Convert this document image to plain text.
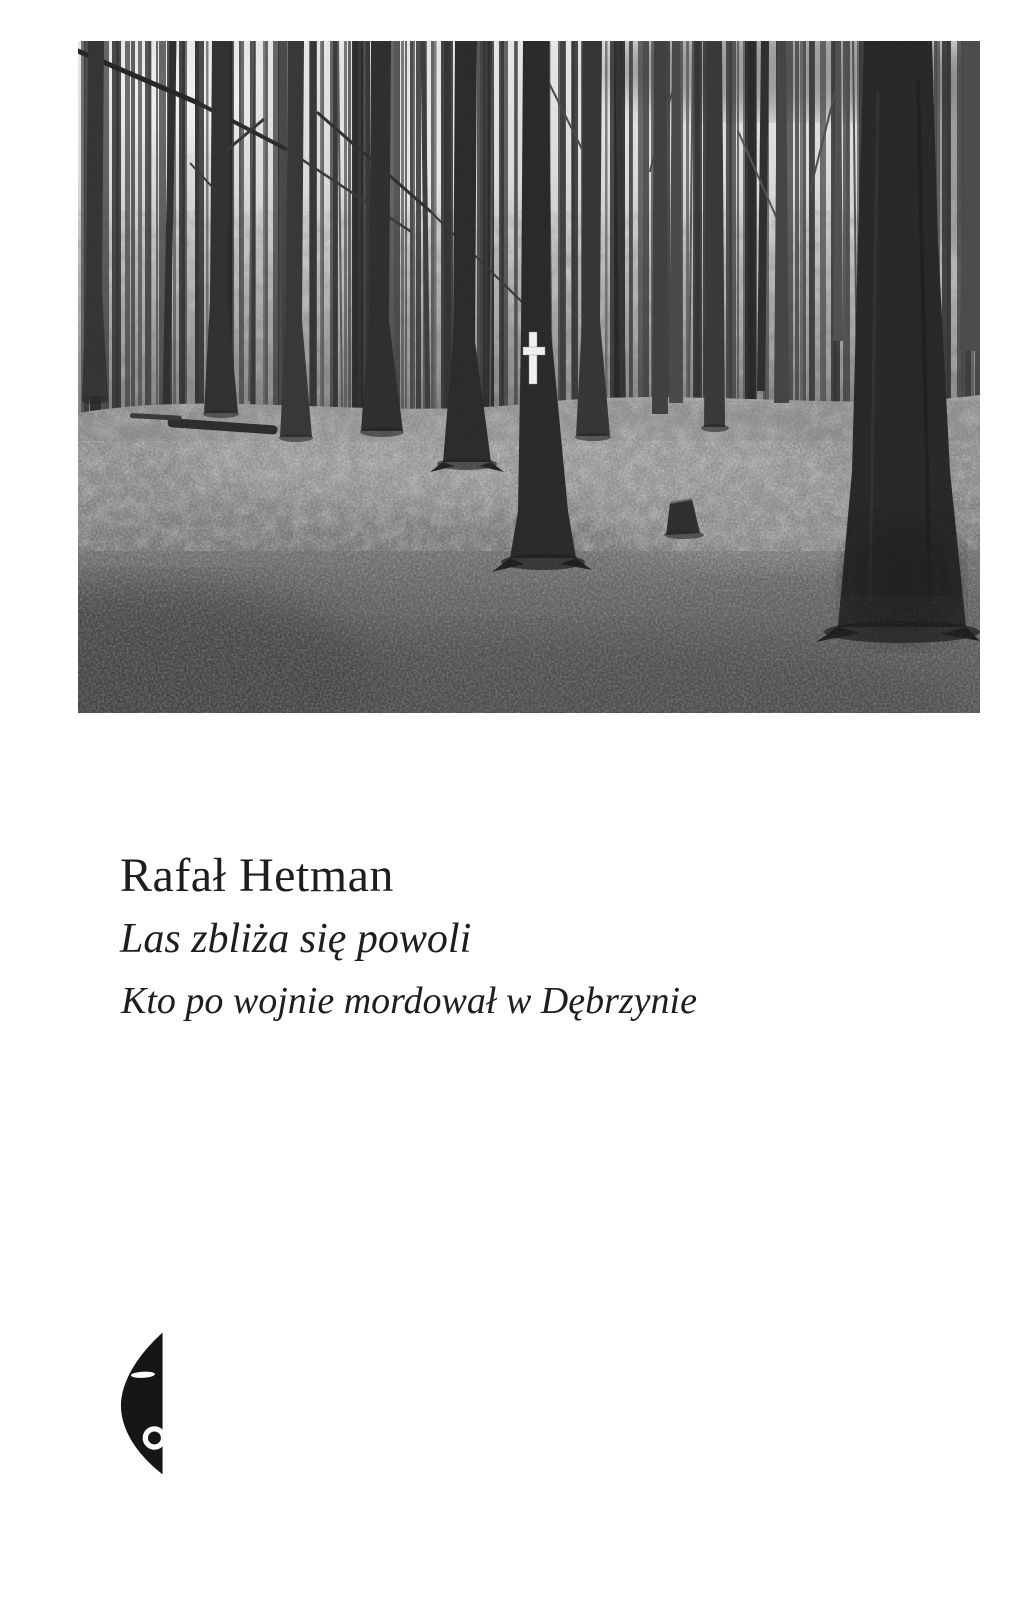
Rafał Hetman
Las zbliża się powoli
Kto po wojnie mordował w Dębrzynie
